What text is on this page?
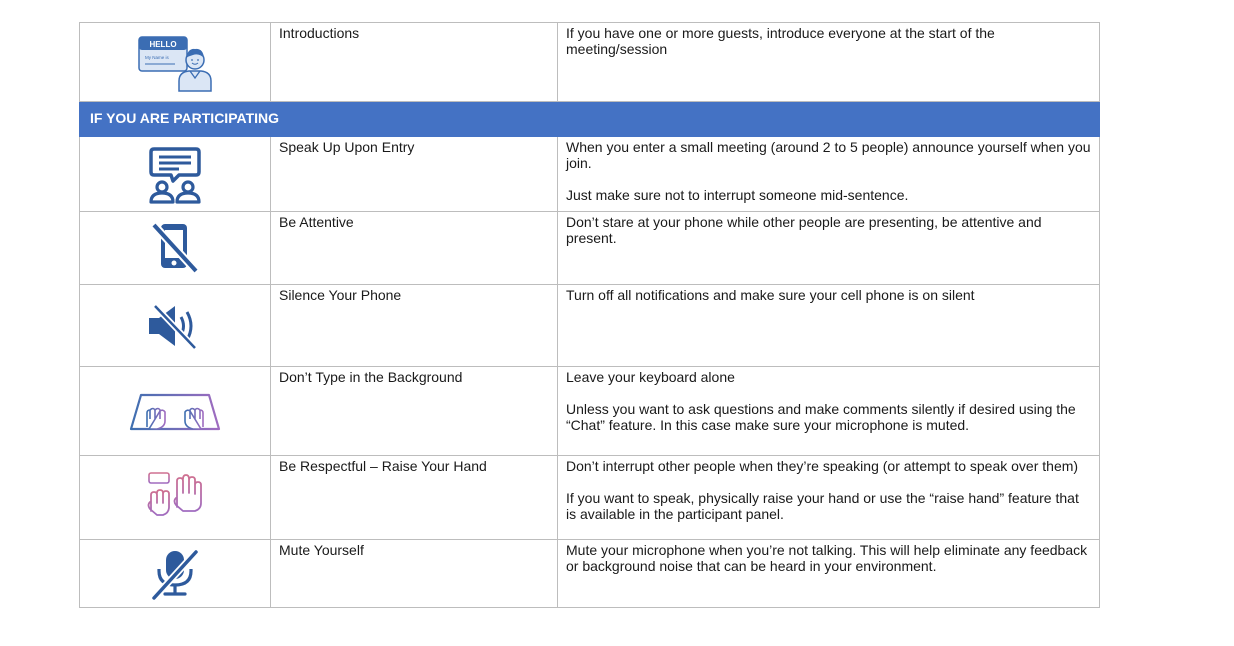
HELLO
My Name is	Introductions	If you have one or more guests, introduce everyone at the start of the meeting/session

IF YOU ARE PARTICIPATING		

	Speak Up Upon Entry	When you enter a small meeting (around 2 to 5 people) announce yourself when you join.

Just make sure not to interrupt someone mid-sentence.

	Be Attentive	Don’t stare at your phone while other people are presenting, be attentive and present.

	Silence Your Phone	Turn off all notifications and make sure your cell phone is on silent

	Don’t Type in the Background	Leave your keyboard alone

Unless you want to ask questions and make comments silently if desired using the “Chat” feature. In this case make sure your microphone is muted.

	Be Respectful – Raise Your Hand	Don’t interrupt other people when they’re speaking (or attempt to speak over them)

If you want to speak, physically raise your hand or use the “raise hand” feature that is available in the participant panel.

	Mute Yourself	Mute your microphone when you’re not talking. This will help eliminate any feedback or background noise that can be heard in your environment.
